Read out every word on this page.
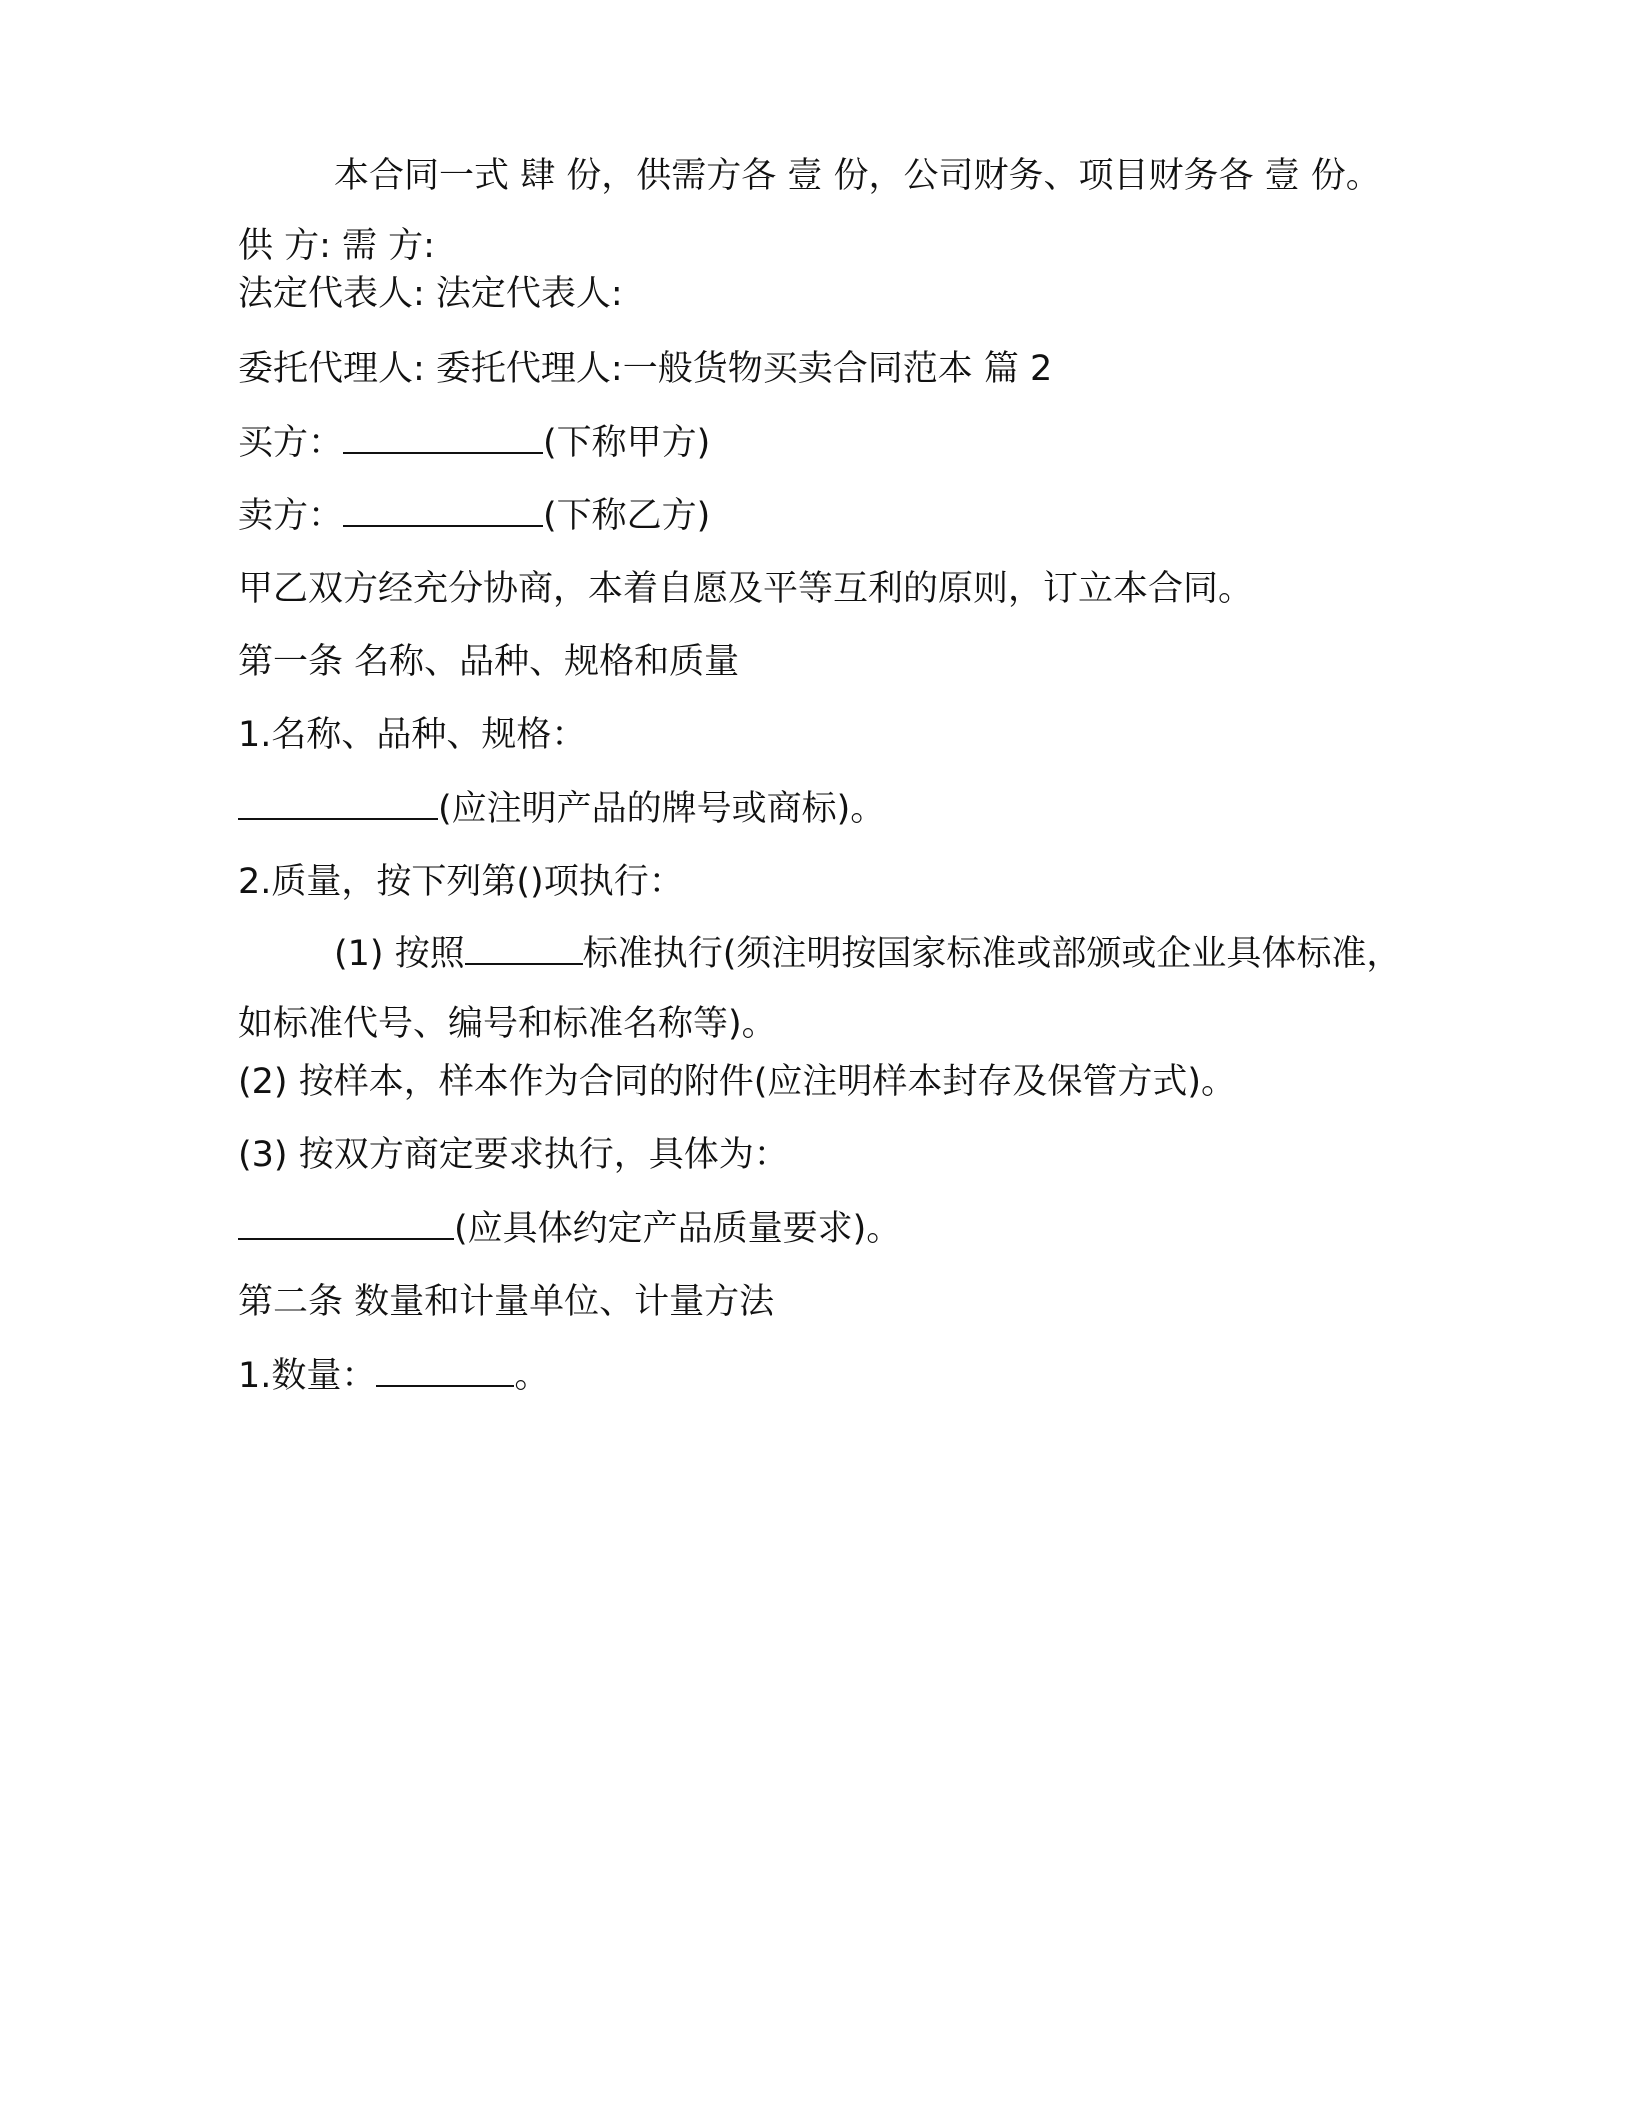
本合同一式 肆 份，供需方各 壹 份，公司财务、项目财务各 壹 份。供 方: 需 方:
法定代表人: 法定代表人:
委托代理人: 委托代理人:一般货物买卖合同范本 篇 2
买方：	(下称甲方)
卖方：	(下称乙方)
甲乙双方经充分协商，本着自愿及平等互利的原则，订立本合同。
第一条 名称、品种、规格和质量
1.名称、品种、规格：
(应注明产品的牌号或商标)。
2.质量，按下列第()项执行：
(1) 按照	标准执行(须注明按国家标准或部颁或企业具体标准，如标准代号、编号和标准名称等)。
(2) 按样本，样本作为合同的附件(应注明样本封存及保管方式)。
(3) 按双方商定要求执行，具体为：
(应具体约定产品质量要求)。
第二条 数量和计量单位、计量方法
1.数量：	。
